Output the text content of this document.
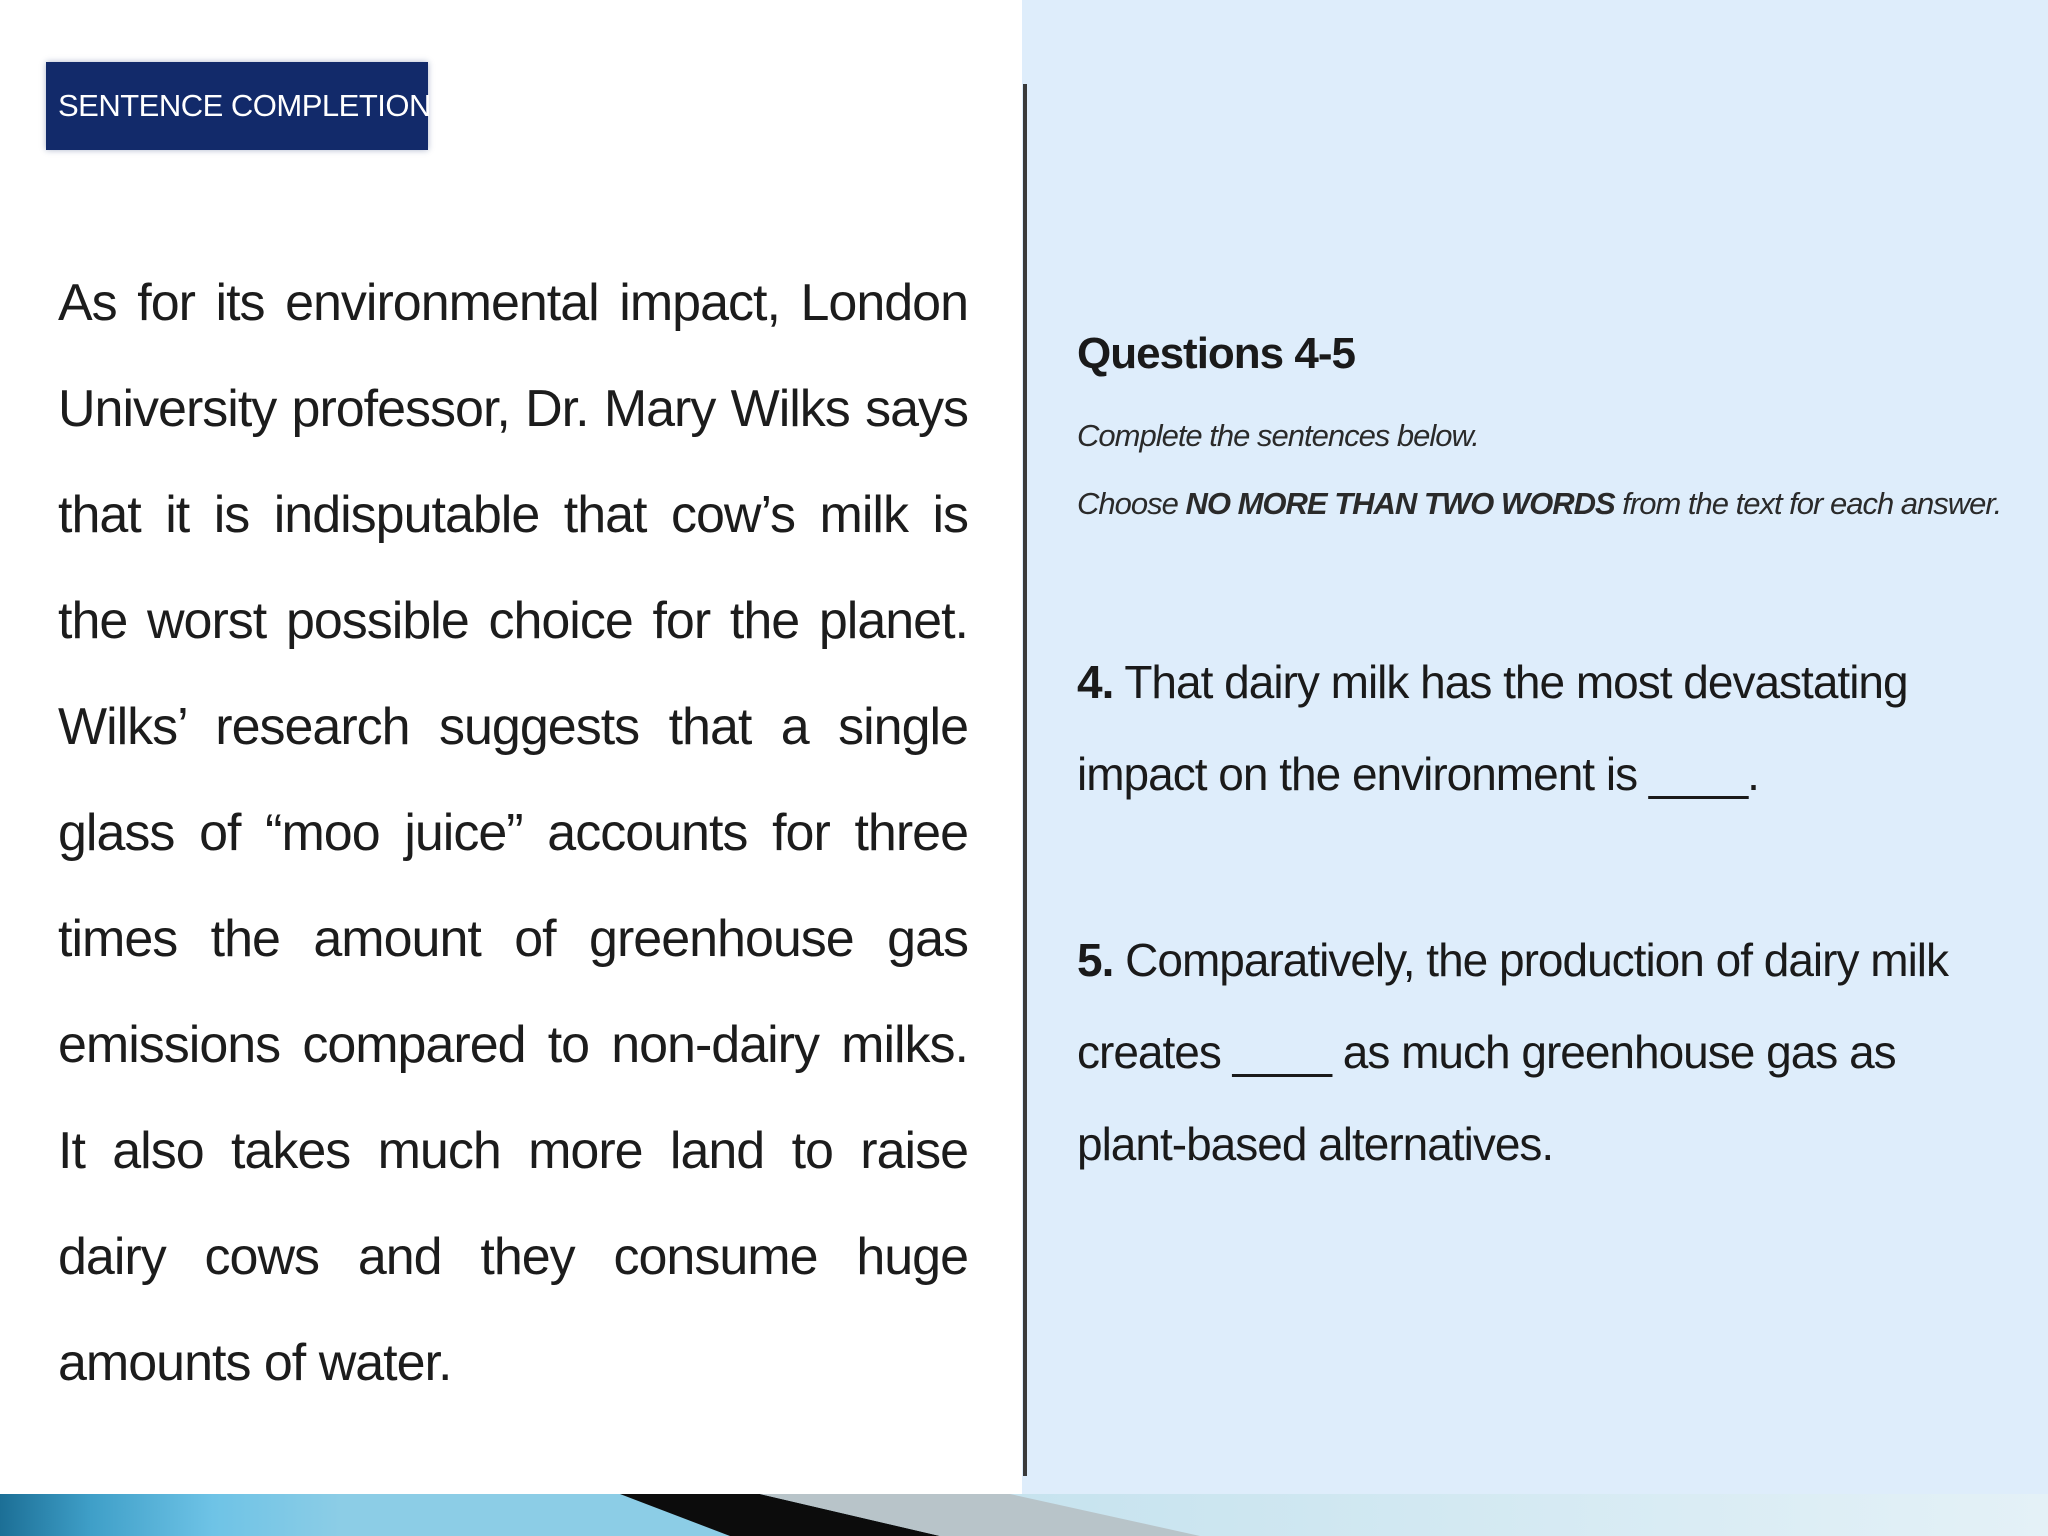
SENTENCE COMPLETION

As for its environmental impact, London University professor, Dr. Mary Wilks says that it is indisputable that cow’s milk is the worst possible choice for the planet. Wilks’ research suggests that a single glass of “moo juice” accounts for three times the amount of greenhouse gas emissions compared to non-dairy milks. It also takes much more land to raise dairy cows and they consume huge amounts of water.

Questions 4-5

Complete the sentences below.

Choose NO MORE THAN TWO WORDS from the text for each answer.

4. That dairy milk has the most devastating impact on the environment is ____.

5. Comparatively, the production of dairy milk creates ____ as much greenhouse gas as plant-based alternatives.
